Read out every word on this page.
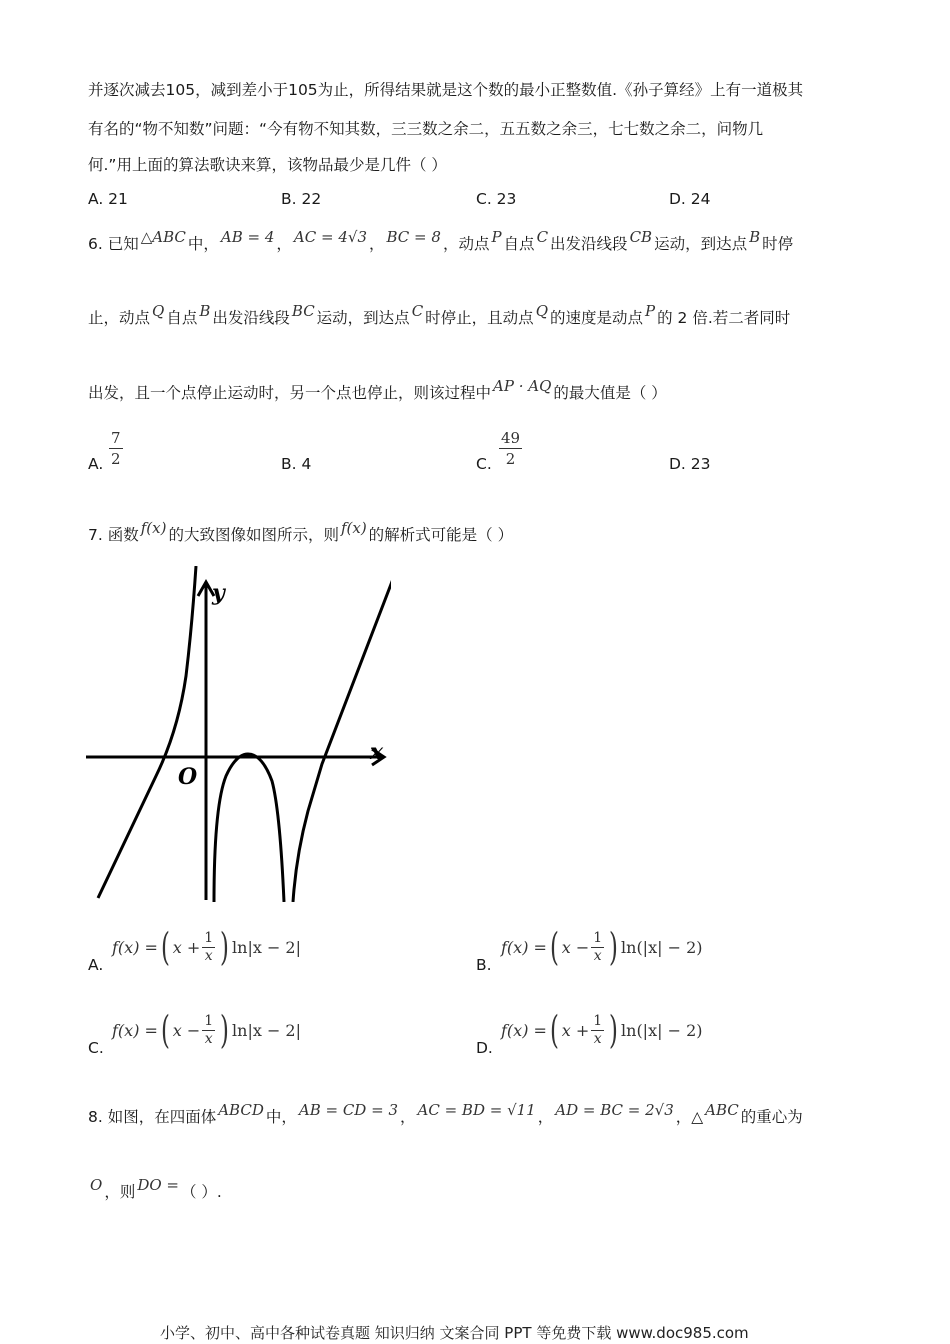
并逐次减去105，减到差小于105为止，所得结果就是这个数的最小正整数值.《孙子算经》上有一道极其
有名的“物不知数”问题：“今有物不知其数，三三数之余二，五五数之余三，七七数之余二，问物几
何.”用上面的算法歌诀来算，该物品最少是几件（ ）
A. 21	B. 22	C. 23	D. 24
6. 已知 △ABC 中， AB = 4 ， AC = 4√3 ， BC = 8 ，动点 P 自点 C 出发沿线段 CB 运动，到达点 B 时停
止，动点 Q 自点 B 出发沿线段 BC 运动，到达点 C 时停止，且动点 Q 的速度是动点 P 的 2 倍.若二者同时
出发，且一个点停止运动时，另一个点也停止，则该过程中 AP · AQ 的最大值是（ ）
A. $\frac{7}{2}$	B. 4	C. $\frac{49}{2}$	D. 23
7. 函数 f(x) 的大致图像如图所示，则 f(x) 的解析式可能是（ ）
x
y
O
A.
f(x) = ( $x + \frac{1}{x}$ ) ln|x − 2|
B.
f(x) = ( $x - \frac{1}{x}$ ) ln(|x| − 2)
C.
f(x) = ( $x - \frac{1}{x}$ ) ln|x − 2|
D.
f(x) = ( $x + \frac{1}{x}$ ) ln(|x| − 2)
8. 如图，在四面体 ABCD 中， AB = CD = 3 ， AC = BD = √11 ， AD = BC = 2√3 ，△ ABC 的重心为
O ，则 DO = （ ）.
小学、初中、高中各种试卷真题 知识归纳 文案合同 PPT 等免费下载 www.doc985.com
